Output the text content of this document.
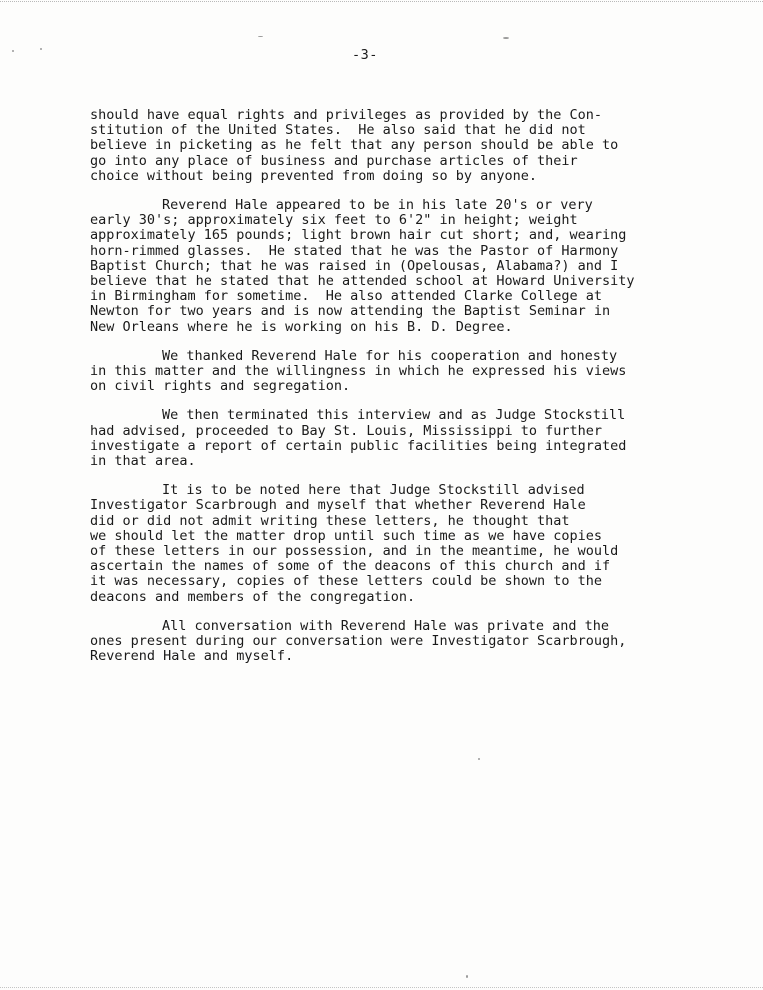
-3-
should have equal rights and privileges as provided by the Con-
stitution of the United States.  He also said that he did not
believe in picketing as he felt that any person should be able to
go into any place of business and purchase articles of their
choice without being prevented from doing so by anyone.
Reverend Hale appeared to be in his late 20's or very
early 30's; approximately six feet to 6'2" in height; weight
approximately 165 pounds; light brown hair cut short; and, wearing
horn-rimmed glasses.  He stated that he was the Pastor of Harmony
Baptist Church; that he was raised in (Opelousas, Alabama?) and I
believe that he stated that he attended school at Howard University
in Birmingham for sometime.  He also attended Clarke College at
Newton for two years and is now attending the Baptist Seminar in
New Orleans where he is working on his B. D. Degree.
We thanked Reverend Hale for his cooperation and honesty
in this matter and the willingness in which he expressed his views
on civil rights and segregation.
We then terminated this interview and as Judge Stockstill
had advised, proceeded to Bay St. Louis, Mississippi to further
investigate a report of certain public facilities being integrated
in that area.
It is to be noted here that Judge Stockstill advised
Investigator Scarbrough and myself that whether Reverend Hale
did or did not admit writing these letters, he thought that
we should let the matter drop until such time as we have copies
of these letters in our possession, and in the meantime, he would
ascertain the names of some of the deacons of this church and if
it was necessary, copies of these letters could be shown to the
deacons and members of the congregation.
All conversation with Reverend Hale was private and the
ones present during our conversation were Investigator Scarbrough,
Reverend Hale and myself.
